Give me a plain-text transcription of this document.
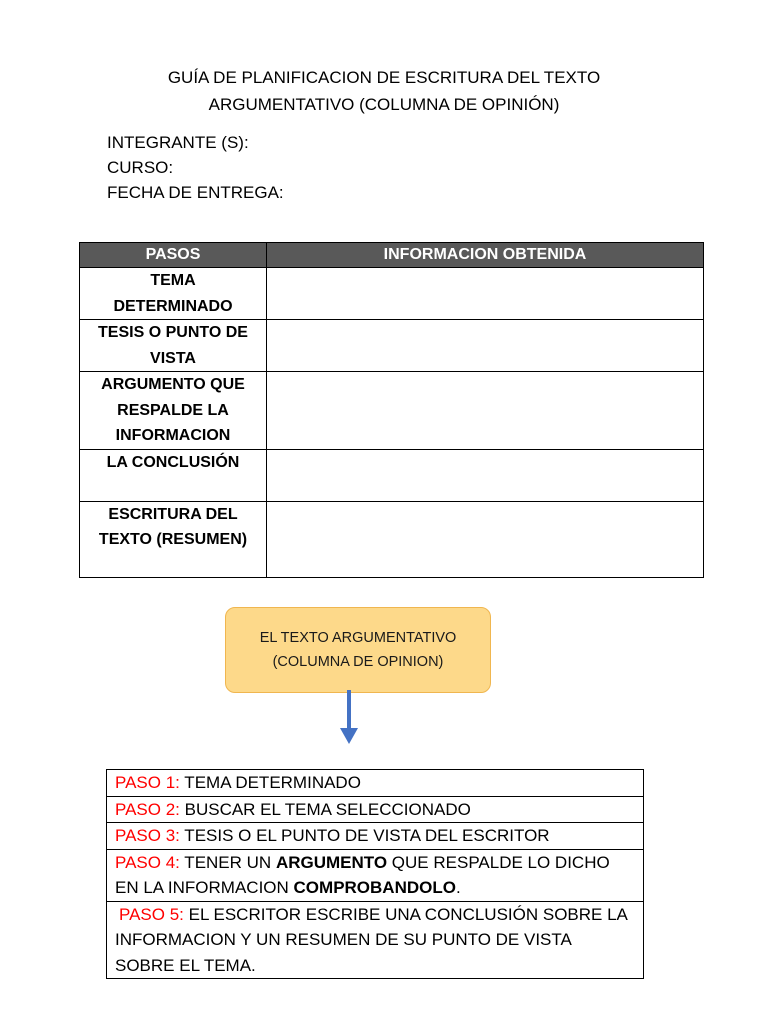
GUÍA DE PLANIFICACION DE ESCRITURA DEL TEXTO
ARGUMENTATIVO (COLUMNA DE OPINIÓN)
INTEGRANTE (S):
CURSO:
FECHA DE ENTREGA:
PASOS	INFORMACION OBTENIDA

TEMA
DETERMINADO	

TESIS O PUNTO DE
VISTA	

ARGUMENTO QUE
RESPALDE LA
INFORMACION	

LA CONCLUSIÓN	

ESCRITURA DEL
TEXTO (RESUMEN)	

EL TEXTO ARGUMENTATIVO
(COLUMNA DE OPINION)
PASO 1: TEMA DETERMINADO
PASO 2: BUSCAR EL TEMA SELECCIONADO
PASO 3: TESIS O EL PUNTO DE VISTA DEL ESCRITOR
PASO 4: TENER UN ARGUMENTO QUE RESPALDE LO DICHO EN LA INFORMACION COMPROBANDOLO.
PASO 5: EL ESCRITOR ESCRIBE UNA CONCLUSIÓN SOBRE LA INFORMACION Y UN RESUMEN DE SU PUNTO DE VISTA SOBRE EL TEMA.
